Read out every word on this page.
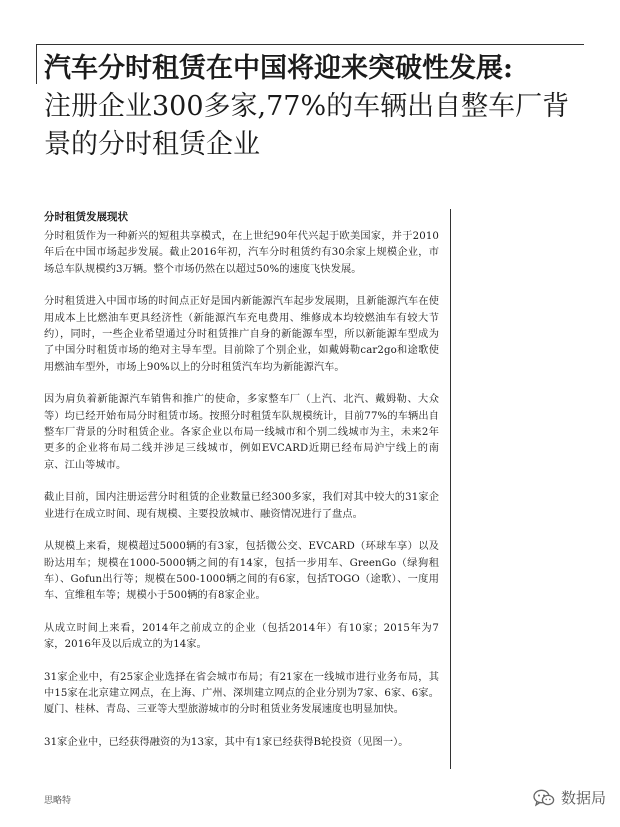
汽车分时租赁在中国将迎来突破性发展:
注册企业300多家,77%的车辆出自整车厂背景的分时租赁企业
分时租赁发展现状

分时租赁作为一种新兴的短租共享模式，在上世纪90年代兴起于欧美国家，并于2010年后在中国市场起步发展。截止2016年初，汽车分时租赁约有30余家上规模企业，市场总车队规模约3万辆。整个市场仍然在以超过50%的速度飞快发展。

分时租赁进入中国市场的时间点正好是国内新能源汽车起步发展期，且新能源汽车在使用成本上比燃油车更具经济性（新能源汽车充电费用、维修成本均较燃油车有较大节约），同时，一些企业希望通过分时租赁推广自身的新能源车型，所以新能源车型成为了中国分时租赁市场的绝对主导车型。目前除了个别企业，如戴姆勒car2go和途歌使用燃油车型外，市场上90%以上的分时租赁汽车均为新能源汽车。

因为肩负着新能源汽车销售和推广的使命，多家整车厂（上汽、北汽、戴姆勒、大众等）均已经开始布局分时租赁市场。按照分时租赁车队规模统计，目前77%的车辆出自整车厂背景的分时租赁企业。各家企业以布局一线城市和个别二线城市为主，未来2年更多的企业将布局二线并涉足三线城市，例如EVCARD近期已经布局沪宁线上的南京、江山等城市。

截止目前，国内注册运营分时租赁的企业数量已经300多家，我们对其中较大的31家企业进行在成立时间、现有规模、主要投放城市、融资情况进行了盘点。

从规模上来看，规模超过5000辆的有3家，包括微公交、EVCARD（环球车享）以及盼达用车；规模在1000-5000辆之间的有14家，包括一步用车、GreenGo（绿狗租车）、Gofun出行等；规模在500-1000辆之间的有6家，包括TOGO（途歌）、一度用车、宜维租车等；规模小于500辆的有8家企业。

从成立时间上来看，2014年之前成立的企业（包括2014年）有10家；2015年为7家，2016年及以后成立的为14家。

31家企业中，有25家企业选择在省会城市布局；有21家在一线城市进行业务布局，其中15家在北京建立网点，在上海、广州、深圳建立网点的企业分别为7家、6家、6家。厦门、桂林、青岛、三亚等大型旅游城市的分时租赁业务发展速度也明显加快。

31家企业中，已经获得融资的为13家，其中有1家已经获得B轮投资（见图一）。

思略特	数据局
